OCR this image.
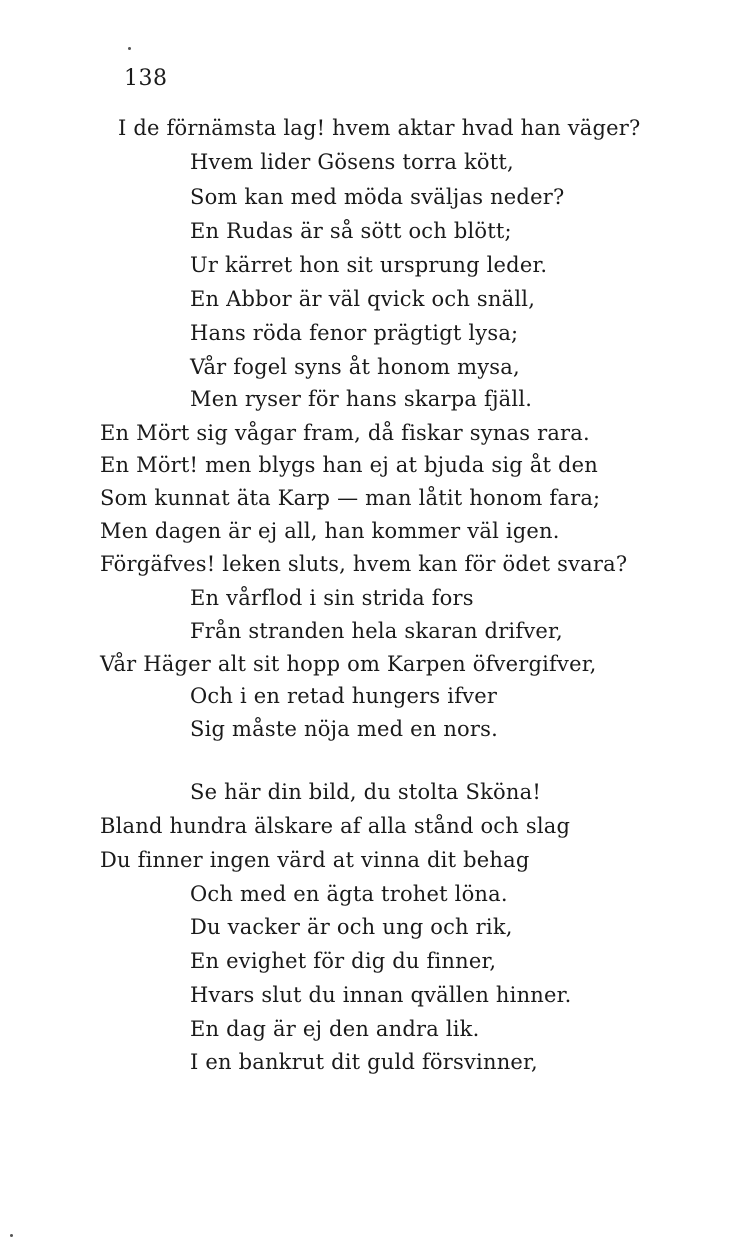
138
I de förnämsta lag! hvem aktar hvad han väger?
Hvem lider Gösens torra kött,
Som kan med möda sväljas neder?
En Rudas är så sött och blött;
Ur kärret hon sit ursprung leder.
En Abbor är väl qvick och snäll,
Hans röda fenor prägtigt lysa;
Vår fogel syns åt honom mysa,
Men ryser för hans skarpa fjäll.
En Mört sig vågar fram, då fiskar synas rara.
En Mört! men blygs han ej at bjuda sig åt den
Som kunnat äta Karp — man låtit honom fara;
Men dagen är ej all, han kommer väl igen.
Förgäfves! leken sluts, hvem kan för ödet svara?
En vårflod i sin strida fors
Från stranden hela skaran drifver,
Vår Häger alt sit hopp om Karpen öfvergifver,
Och i en retad hungers ifver
Sig måste nöja med en nors.
Se här din bild, du stolta Sköna!
Bland hundra älskare af alla stånd och slag
Du finner ingen värd at vinna dit behag
Och med en ägta trohet löna.
Du vacker är och ung och rik,
En evighet för dig du finner,
Hvars slut du innan qvällen hinner.
En dag är ej den andra lik.
I en bankrut dit guld försvinner,
